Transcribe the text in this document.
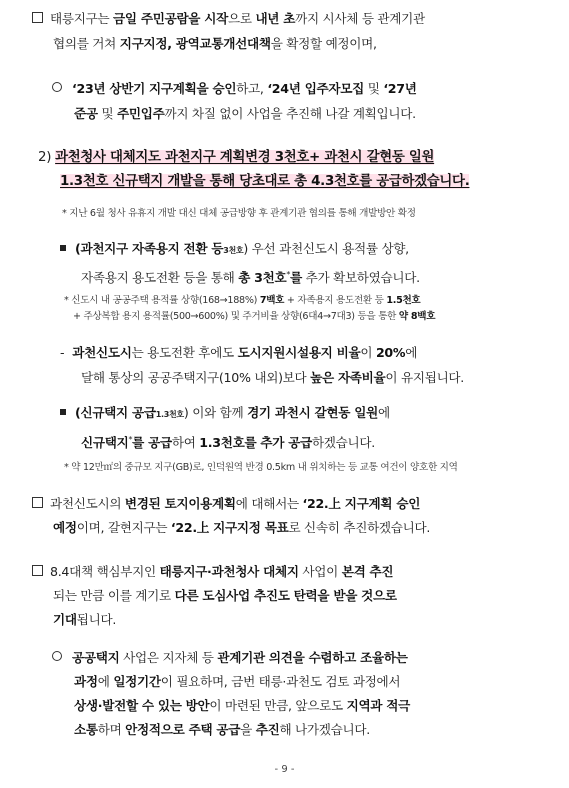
태릉지구는 금일 주민공람을 시작으로 내년 초까지 시사체 등 관계기관
협의를 거쳐 지구지정, 광역교통개선대책을 확정할 예정이며,
‘23년 상반기 지구계획을 승인하고, ‘24년 입주자모집 및 ‘27년
준공 및 주민입주까지 차질 없이 사업을 추진해 나갈 계획입니다.
2) 과천청사 대체지도 과천지구 계획변경 3천호+ 과천시 갈현동 일원
1.3천호 신규택지 개발을 통해 당초대로 총 4.3천호를 공급하겠습니다.
* 지난 6월 청사 유휴지 개발 대신 대체 공급방향 후 관계기관 협의를 통해 개발방안 확정
(과천지구 자족용지 전환 등3천호) 우선 과천신도시 용적률 상향,
자족용지 용도전환 등을 통해 총 3천호*를 추가 확보하였습니다.
* 신도시 내 공공주택 용적률 상향(168→188%) 7백호 + 자족용지 용도전환 등 1.5천호
+ 주상복합 용지 용적률(500→600%) 및 주거비율 상향(6대4→7대3) 등을 통한 약 8백호
- 과천신도시는 용도전환 후에도 도시지원시설용지 비율이 20%에
달해 통상의 공공주택지구(10% 내외)보다 높은 자족비율이 유지됩니다.
(신규택지 공급1.3천호) 이와 함께 경기 과천시 갈현동 일원에
신규택지*를 공급하여 1.3천호를 추가 공급하겠습니다.
* 약 12만㎡의 중규모 지구(GB)로, 인덕원역 반경 0.5km 내 위치하는 등 교통 여건이 양호한 지역
과천신도시의 변경된 토지이용계획에 대해서는 ‘22.上 지구계획 승인
예정이며, 갈현지구는 ‘22.上 지구지정 목표로 신속히 추진하겠습니다.
8.4대책 핵심부지인 태릉지구·과천청사 대체지 사업이 본격 추진
되는 만큼 이를 계기로 다른 도심사업 추진도 탄력을 받을 것으로
기대됩니다.
공공택지 사업은 지자체 등 관계기관 의견을 수렴하고 조율하는
과정에 일정기간이 필요하며, 금번 태릉·과천도 검토 과정에서
상생·발전할 수 있는 방안이 마련된 만큼, 앞으로도 지역과 적극
소통하며 안정적으로 주택 공급을 추진해 나가겠습니다.
- 9 -
